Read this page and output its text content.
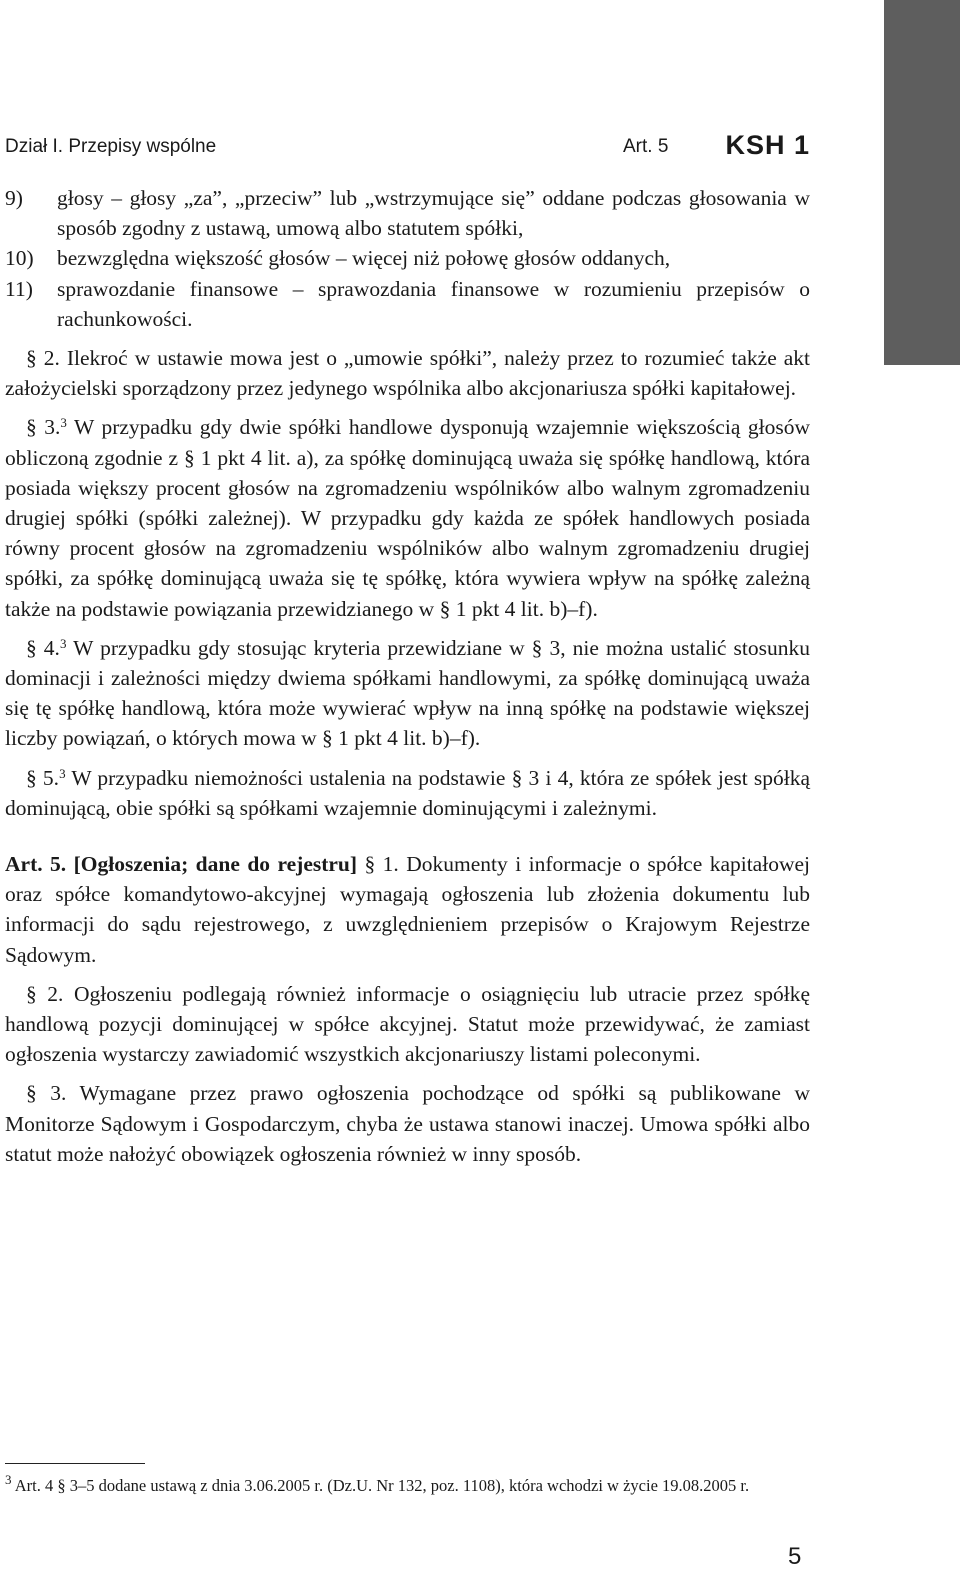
Dział I. Przepisy wspólne	Art. 5 KSH 1
9)	głosy – głosy „za”, „przeciw” lub „wstrzymujące się” oddane podczas głosowania w sposób zgodny z ustawą, umową albo statutem spółki,
10)	bezwzględna większość głosów – więcej niż połowę głosów oddanych,
11)	sprawozdanie finansowe – sprawozdania finansowe w rozumieniu przepisów o rachunkowości.

§ 2. Ilekroć w ustawie mowa jest o „umowie spółki”, należy przez to rozumieć także akt założycielski sporządzony przez jedynego wspólnika albo akcjonariusza spółki kapitałowej.

§ 3.$^3$ W przypadku gdy dwie spółki handlowe dysponują wzajemnie większością głosów obliczoną zgodnie z § 1 pkt 4 lit. a), za spółkę dominującą uważa się spółkę handlową, która posiada większy procent głosów na zgromadzeniu wspólników albo walnym zgromadzeniu drugiej spółki (spółki zależnej). W przypadku gdy każda ze spółek handlowych posiada równy procent głosów na zgromadzeniu wspólników albo walnym zgromadzeniu drugiej spółki, za spółkę dominującą uważa się tę spółkę, która wywiera wpływ na spółkę zależną także na podstawie powiązania przewidzianego w § 1 pkt 4 lit. b)–f).

§ 4.$^3$ W przypadku gdy stosując kryteria przewidziane w § 3, nie można ustalić stosunku dominacji i zależności między dwiema spółkami handlowymi, za spółkę dominującą uważa się tę spółkę handlową, która może wywierać wpływ na inną spółkę na podstawie większej liczby powiązań, o których mowa w § 1 pkt 4 lit. b)–f).

§ 5.$^3$ W przypadku niemożności ustalenia na podstawie § 3 i 4, która ze spółek jest spółką dominującą, obie spółki są spółkami wzajemnie dominującymi i zależnymi.

Art. 5. [Ogłoszenia; dane do rejestru] § 1. Dokumenty i informacje o spółce kapitałowej oraz spółce komandytowo-akcyjnej wymagają ogłoszenia lub złożenia dokumentu lub informacji do sądu rejestrowego, z uwzględnieniem przepisów o Krajowym Rejestrze Sądowym.

§ 2. Ogłoszeniu podlegają również informacje o osiągnięciu lub utracie przez spółkę handlową pozycji dominującej w spółce akcyjnej. Statut może przewidywać, że zamiast ogłoszenia wystarczy zawiadomić wszystkich akcjonariuszy listami poleconymi.

§ 3. Wymagane przez prawo ogłoszenia pochodzące od spółki są publikowane w Monitorze Sądowym i Gospodarczym, chyba że ustawa stanowi inaczej. Umowa spółki albo statut może nałożyć obowiązek ogłoszenia również w inny sposób.

$^3$ Art. 4 § 3–5 dodane ustawą z dnia 3.06.2005 r. (Dz.U. Nr 132, poz. 1108), która wchodzi w życie 19.08.2005 r.
5
